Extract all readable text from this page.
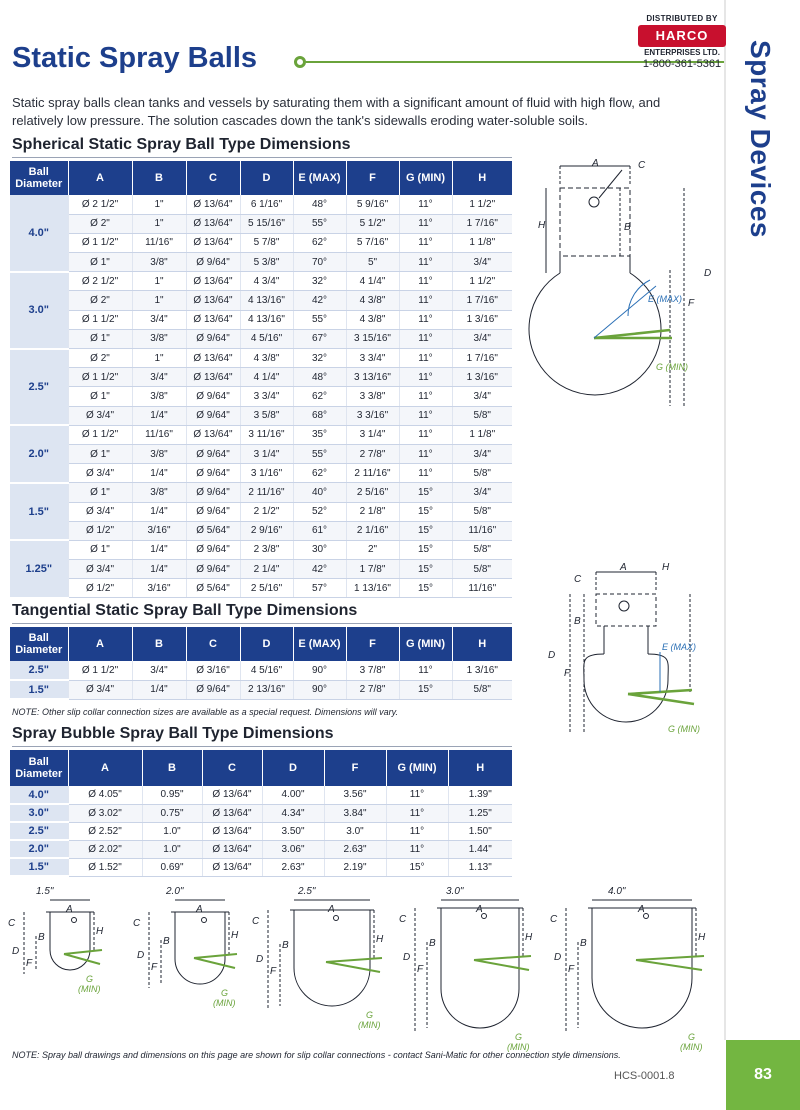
Spray Devices
Static Spray Balls
DISTRIBUTED BY
HARCO
ENTERPRISES LTD.
1-800-361-5361

Static spray balls clean tanks and vessels by saturating them with a significant amount of fluid with high flow, and relatively low pressure. The solution cascades down the tank's sidewalls eroding water-soluble soils.

Spherical Static Spray Ball Type Dimensions
Ball Diameter	A	B	C	D	E (MAX)	F	G (MIN)	H
4.0"	Ø 2 1/2"	1"	Ø 13/64"	6 1/16"	48°	5 9/16"	11°	1 1/2"
	Ø 2"	1"	Ø 13/64"	5 15/16"	55°	5 1/2"	11°	1 7/16"
	Ø 1 1/2"	11/16"	Ø 13/64"	5 7/8"	62°	5 7/16"	11°	1 1/8"
	Ø 1"	3/8"	Ø 9/64"	5 3/8"	70°	5"	11°	3/4"
3.0"	Ø 2 1/2"	1"	Ø 13/64"	4 3/4"	32°	4 1/4"	11°	1 1/2"
	Ø 2"	1"	Ø 13/64"	4 13/16"	42°	4 3/8"	11°	1 7/16"
	Ø 1 1/2"	3/4"	Ø 13/64"	4 13/16"	55°	4 3/8"	11°	1 3/16"
	Ø 1"	3/8"	Ø 9/64"	4 5/16"	67°	3 15/16"	11°	3/4"
2.5"	Ø 2"	1"	Ø 13/64"	4 3/8"	32°	3 3/4"	11°	1 7/16"
	Ø 1 1/2"	3/4"	Ø 13/64"	4 1/4"	48°	3 13/16"	11°	1 3/16"
	Ø 1"	3/8"	Ø 9/64"	3 3/4"	62°	3 3/8"	11°	3/4"
	Ø 3/4"	1/4"	Ø 9/64"	3 5/8"	68°	3 3/16"	11°	5/8"
2.0"	Ø 1 1/2"	11/16"	Ø 13/64"	3 11/16"	35°	3 1/4"	11°	1 1/8"
	Ø 1"	3/8"	Ø 9/64"	3 1/4"	55°	2 7/8"	11°	3/4"
	Ø 3/4"	1/4"	Ø 9/64"	3 1/16"	62°	2 11/16"	11°	5/8"
1.5"	Ø 1"	3/8"	Ø 9/64"	2 11/16"	40°	2 5/16"	15°	3/4"
	Ø 3/4"	1/4"	Ø 9/64"	2 1/2"	52°	2 1/8"	15°	5/8"
	Ø 1/2"	3/16"	Ø 5/64"	2 9/16"	61°	2 1/16"	15°	11/16"
1.25"	Ø 1"	1/4"	Ø 9/64"	2 3/8"	30°	2"	15°	5/8"
	Ø 3/4"	1/4"	Ø 9/64"	2 1/4"	42°	1 7/8"	15°	5/8"
	Ø 1/2"	3/16"	Ø 5/64"	2 5/16"	57°	1 13/16"	15°	11/16"
Tangential Static Spray Ball Type Dimensions
Ball Diameter	A	B	C	D	E (MAX)	F	G (MIN)	H
2.5"	Ø 1 1/2"	3/4"	Ø 3/16"	4 5/16"	90°	3 7/8"	11°	1 3/16"
1.5"	Ø 3/4"	1/4"	Ø 9/64"	2 13/16"	90°	2 7/8"	15°	5/8"
NOTE: Other slip collar connection sizes are available as a special request. Dimensions will vary.
Spray Bubble Spray Ball Type Dimensions
Ball Diameter	A	B	C	D	F	G (MIN)	H
4.0"	Ø 4.05"	0.95"	Ø 13/64"	4.00"	3.56"	11°	1.39"
3.0"	Ø 3.02"	0.75"	Ø 13/64"	4.34"	3.84"	11°	1.25"
2.5"	Ø 2.52"	1.0"	Ø 13/64"	3.50"	3.0"	11°	1.50"
2.0"	Ø 2.02"	1.0"	Ø 13/64"	3.06"	2.63"	11°	1.44"
1.5"	Ø 1.52"	0.69"	Ø 13/64"	2.63"	2.19"	15°	1.13"
A	C
H	B
D
F
E (MAX)
G (MIN)
A	H
C
B
D
F
E (MAX)
G (MIN)
1.5"
A
C
B
D
F
H
G
(MIN)
2.0"
A
C
B
D
F
H
G
(MIN)
2.5"
A
C
B
D
F
H
G
(MIN)
3.0"
A
C
B
D
F
H
G
(MIN)
4.0"
A
C
B
D
F
H
G
(MIN)
NOTE: Spray ball drawings and dimensions on this page are shown for slip collar connections - contact Sani-Matic for other connection style dimensions.
HCS-0001.8	83
